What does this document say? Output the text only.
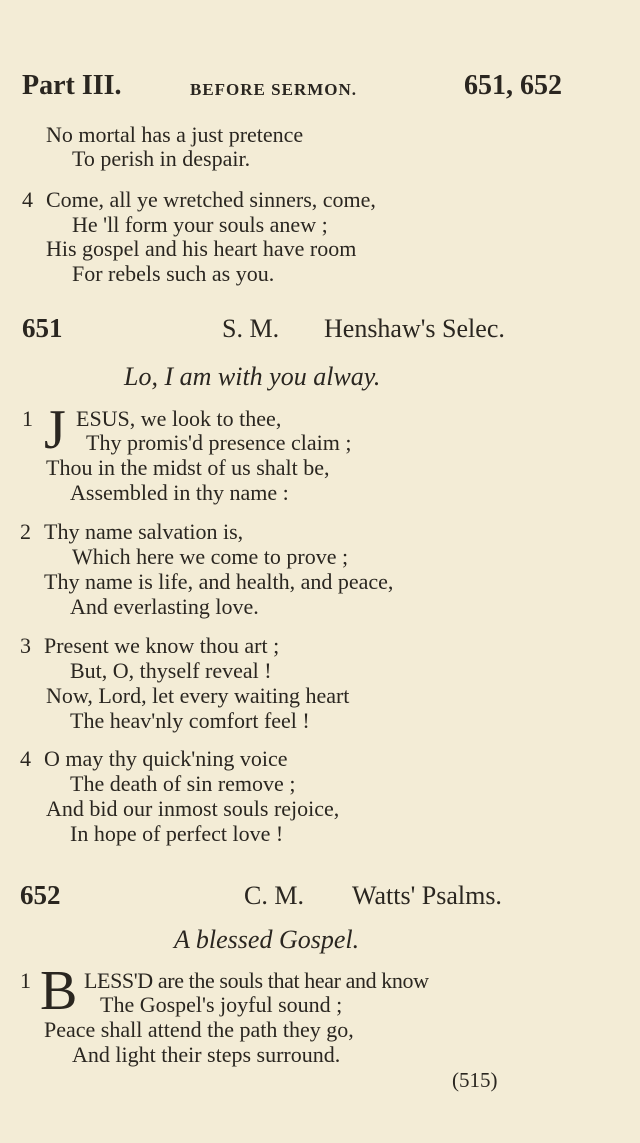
Part III.	BEFORE SERMON.	651, 652
No mortal has a just pretence
To perish in despair.
4 Come, all ye wretched sinners, come,
He 'll form your souls anew ;
His gospel and his heart have room
For rebels such as you.
651	S. M. Henshaw's Selec.
Lo, I am with you alway.
1 J ESUS, we look to thee,
Thy promis'd presence claim ;
Thou in the midst of us shalt be,
Assembled in thy name :
2 Thy name salvation is,
Which here we come to prove ;
Thy name is life, and health, and peace,
And everlasting love.
3 Present we know thou art ;
But, O, thyself reveal !
Now, Lord, let every waiting heart
The heav'nly comfort feel !
4 O may thy quick'ning voice
The death of sin remove ;
And bid our inmost souls rejoice,
In hope of perfect love !
652	C. M. Watts' Psalms.
A blessed Gospel.
1 B LESS'D are the souls that hear and know
The Gospel's joyful sound ;
Peace shall attend the path they go,
And light their steps surround.
(515)
